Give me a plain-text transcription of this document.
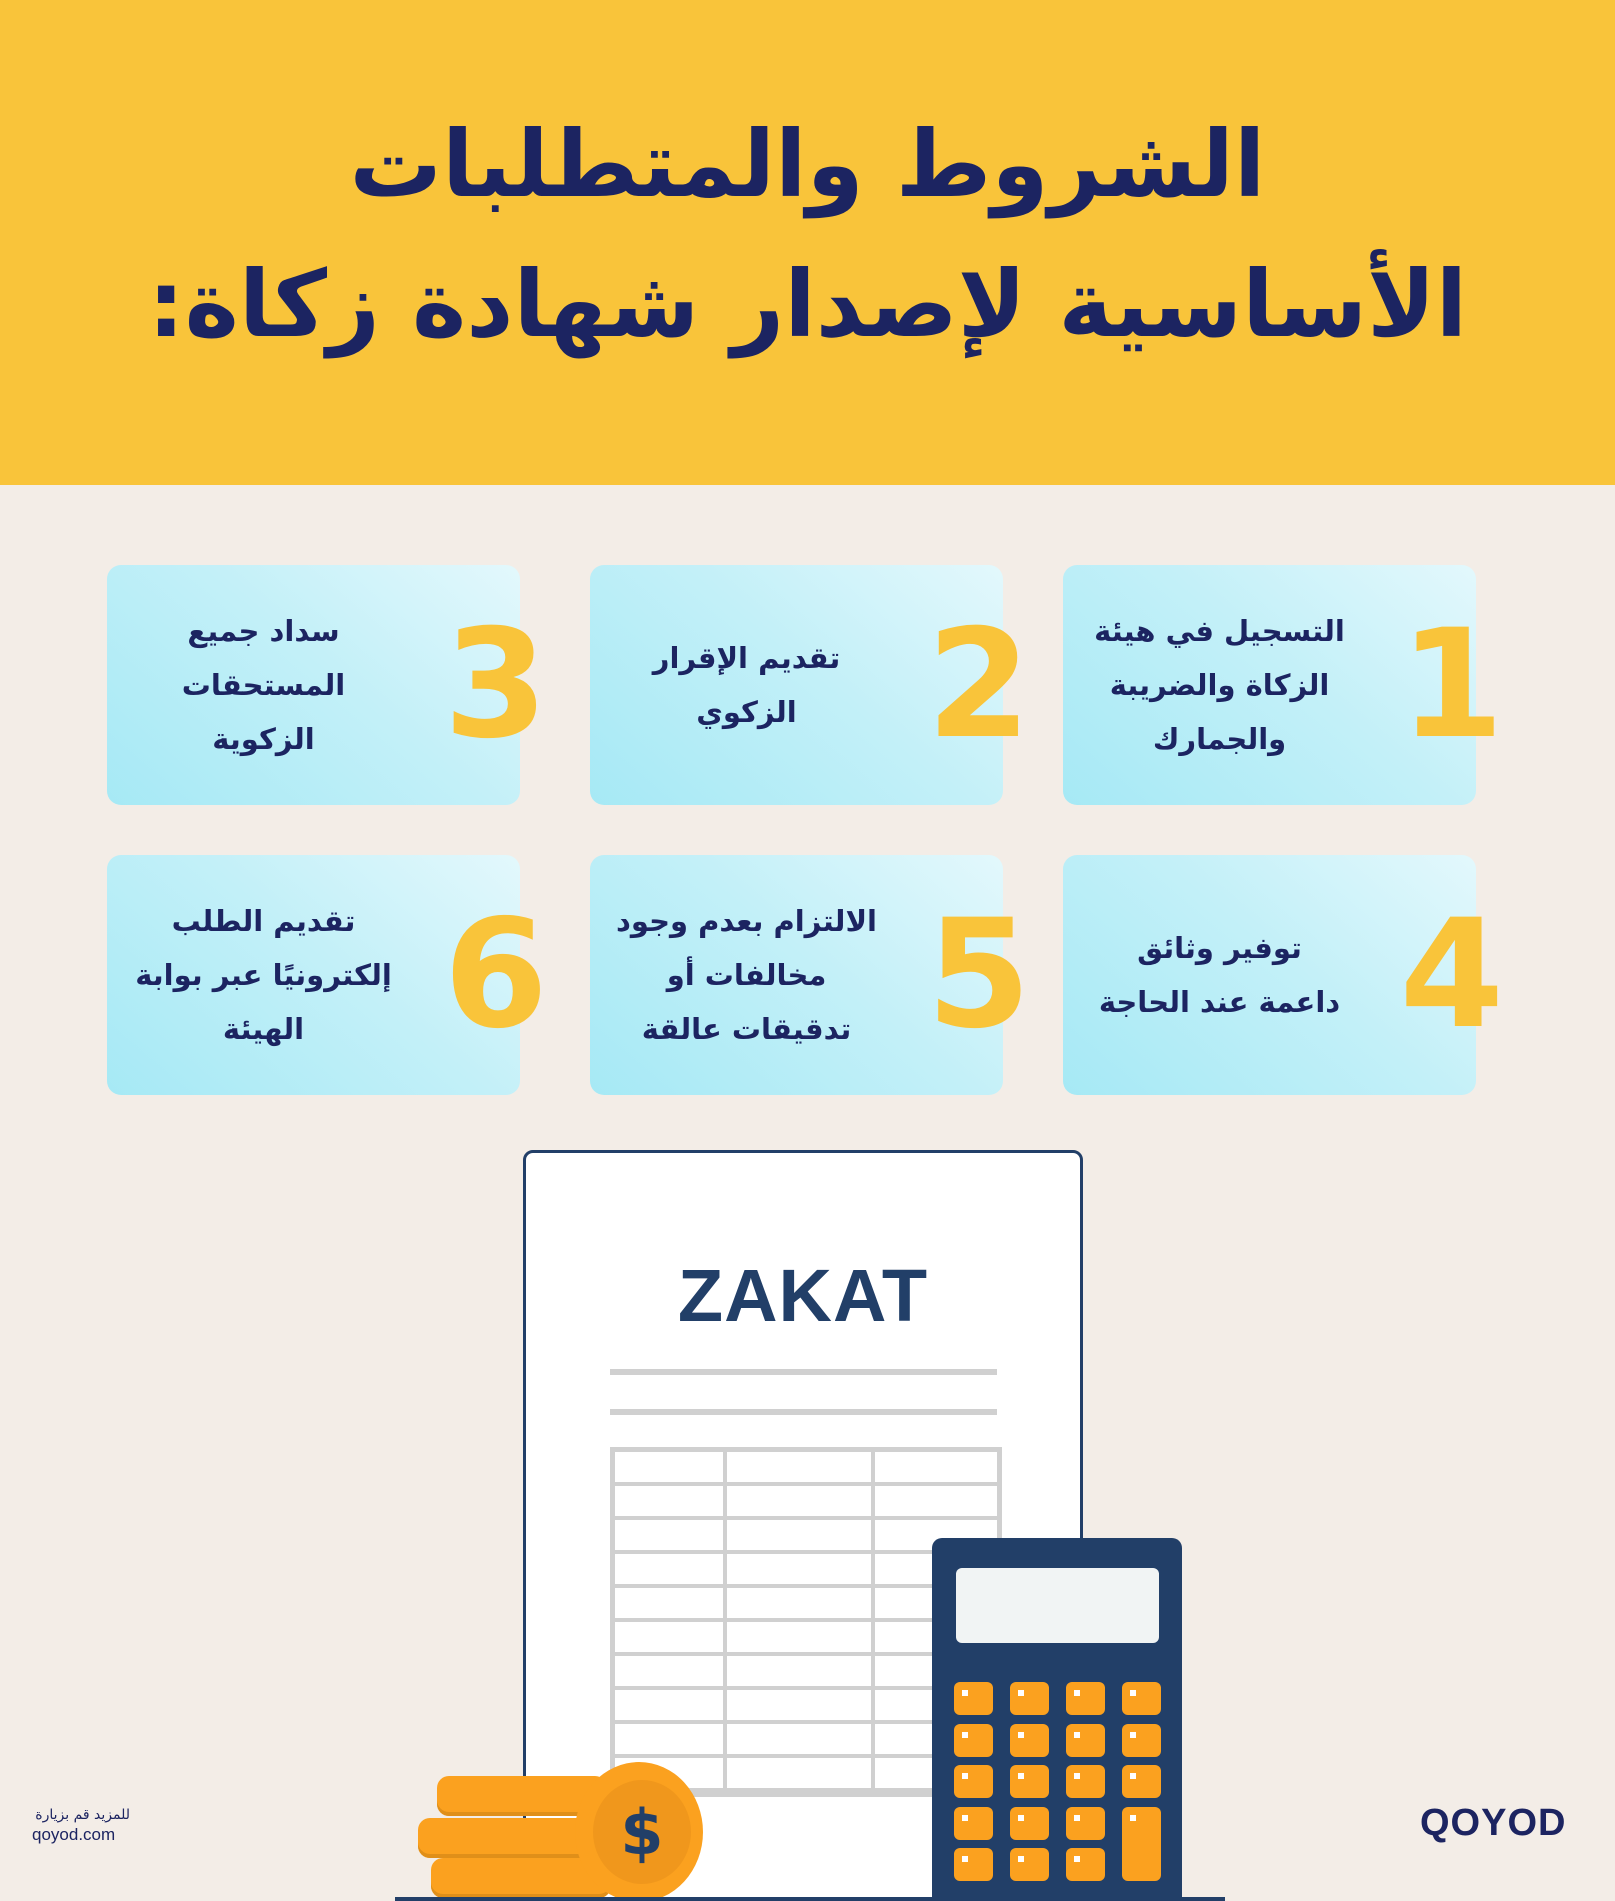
الشروط والمتطلبات
الأساسية لإصدار شهادة زكاة:
التسجيل في هيئة
الزكاة والضريبة
والجمارك 1
تقديم الإقرار
الزكوي 2
سداد جميع
المستحقات الزكوية 3
توفير وثائق
داعمة عند الحاجة 4
الالتزام بعدم وجود
مخالفات أو
تدقيقات عالقة 5
تقديم الطلب
إلكترونيًا عبر بوابة
الهيئة 6
ZAKAT
$
للمزيد قم بزيارة
qoyod.com	QOYOD
